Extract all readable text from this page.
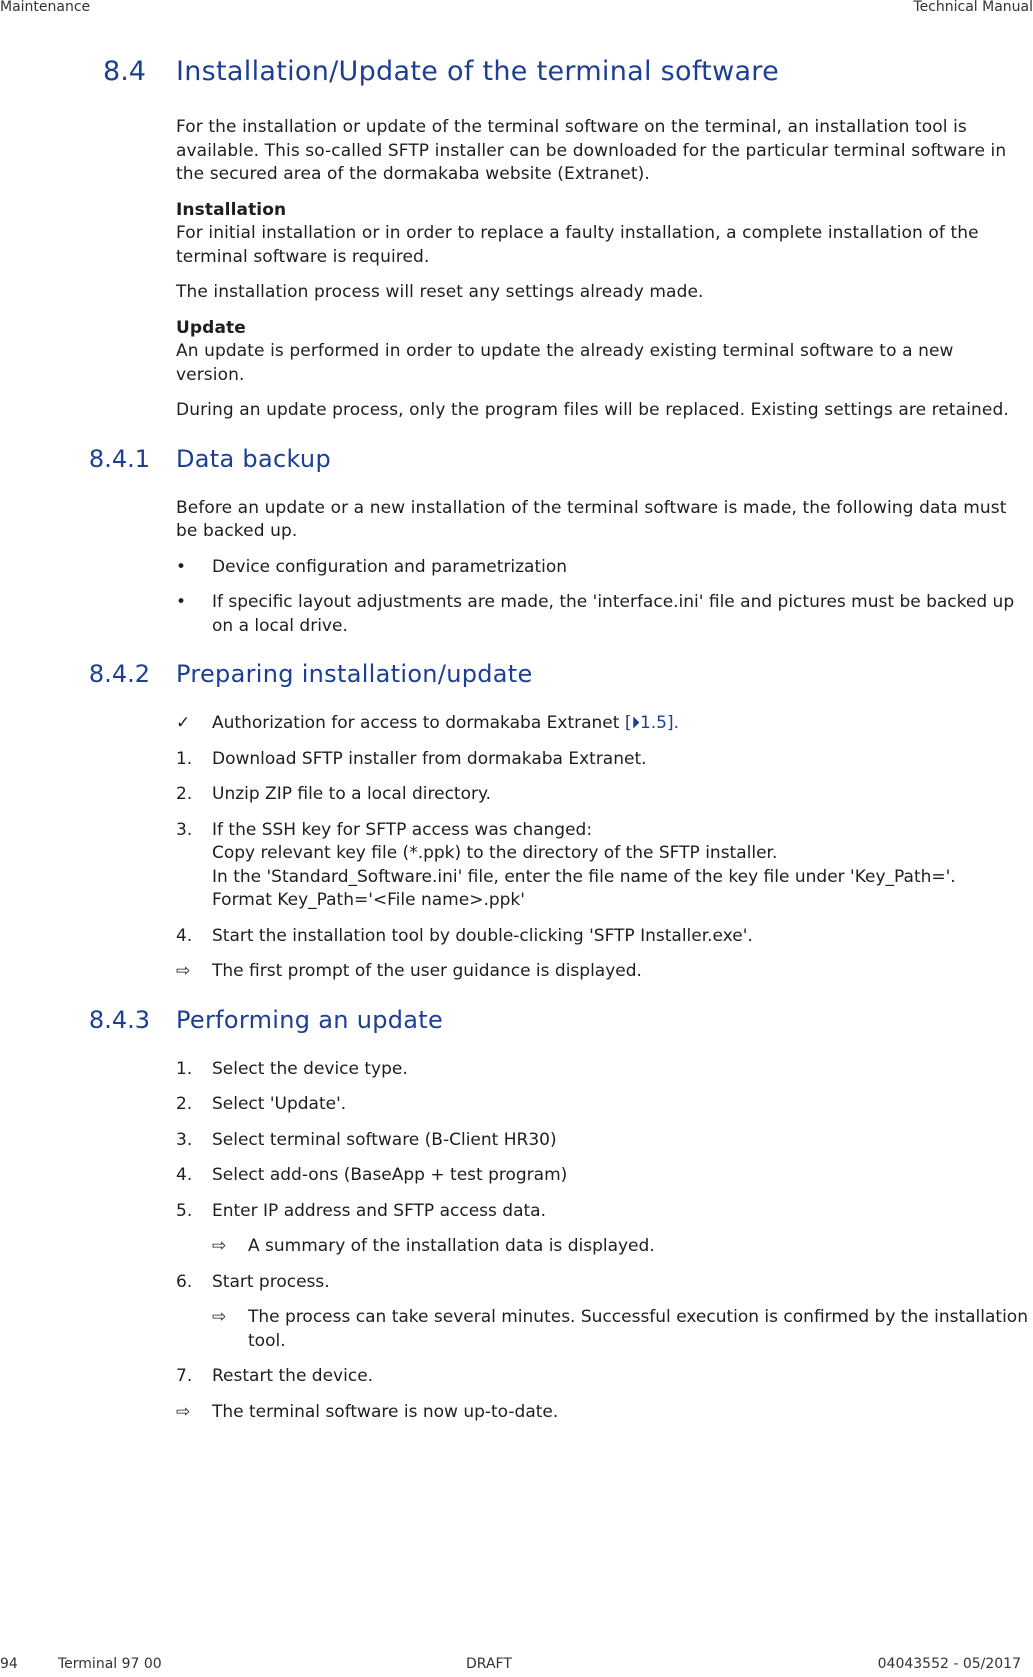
Maintenance	Technical Manual
8.4 Installation/Update of the terminal software

For the installation or update of the terminal software on the terminal, an installation tool is available. This so-called SFTP installer can be downloaded for the particular terminal software in the secured area of the dormakaba website (Extranet).

Installation

For initial installation or in order to replace a faulty installation, a complete installation of the terminal software is required.

The installation process will reset any settings already made.

Update

An update is performed in order to update the already existing terminal software to a new version.

During an update process, only the program files will be replaced. Existing settings are retained.

8.4.1 Data backup

Before an update or a new installation of the terminal software is made, the following data must be backed up.

•	Device configuration and parametrization
•	If specific layout adjustments are made, the 'interface.ini' file and pictures must be backed up on a local drive.
8.4.2 Preparing installation/update
✓	Authorization for access to dormakaba Extranet [⏵1.5].
1.	Download SFTP installer from dormakaba Extranet.
2.	Unzip ZIP file to a local directory.
3.	If the SSH key for SFTP access was changed:
Copy relevant key file (*.ppk) to the directory of the SFTP installer.
In the 'Standard_Software.ini' file, enter the file name of the key file under 'Key_Path='.
Format Key_Path='<File name>.ppk'
4.	Start the installation tool by double-clicking 'SFTP Installer.exe'.
⇨	The first prompt of the user guidance is displayed.
8.4.3 Performing an update
1.	Select the device type.
2.	Select 'Update'.
3.	Select terminal software (B-Client HR30)
4.	Select add-ons (BaseApp + test program)
5.	Enter IP address and SFTP access data.
⇨	A summary of the installation data is displayed.
6.	Start process.
⇨	The process can take several minutes. Successful execution is confirmed by the installation tool.
7.	Restart the device.
⇨	The terminal software is now up-to-date.
94	Terminal 97 00	DRAFT	04043552 - 05/2017
